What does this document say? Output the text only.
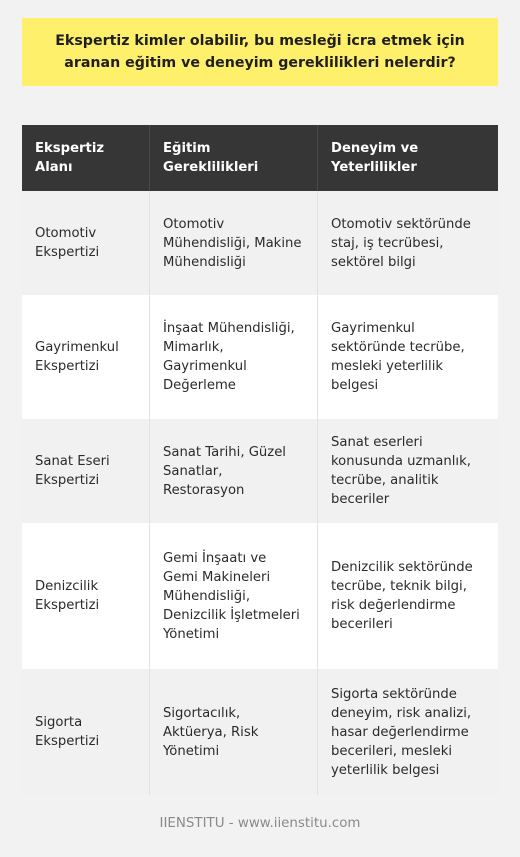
Ekspertiz kimler olabilir, bu mesleği icra etmek için aranan eğitim ve deneyim gereklilikleri nelerdir?
Ekspertiz Alanı
Eğitim Gereklilikleri
Deneyim ve Yeterlilikler
Otomotiv Ekspertizi
Otomotiv Mühendisliği, Makine Mühendisliği
Otomotiv sektöründe staj, iş tecrübesi, sektörel bilgi
Gayrimenkul Ekspertizi
İnşaat Mühendisliği, Mimarlık, Gayrimenkul Değerleme
Gayrimenkul sektöründe tecrübe, mesleki yeterlilik belgesi
Sanat Eseri Ekspertizi
Sanat Tarihi, Güzel Sanatlar, Restorasyon
Sanat eserleri konusunda uzmanlık, tecrübe, analitik beceriler
Denizcilik Ekspertizi
Gemi İnşaatı ve Gemi Makineleri Mühendisliği, Denizcilik İşletmeleri Yönetimi
Denizcilik sektöründe tecrübe, teknik bilgi, risk değerlendirme becerileri
Sigorta Ekspertizi
Sigortacılık, Aktüerya, Risk Yönetimi
Sigorta sektöründe deneyim, risk analizi, hasar değerlendirme becerileri, mesleki yeterlilik belgesi
IIENSTITU - www.iienstitu.com
